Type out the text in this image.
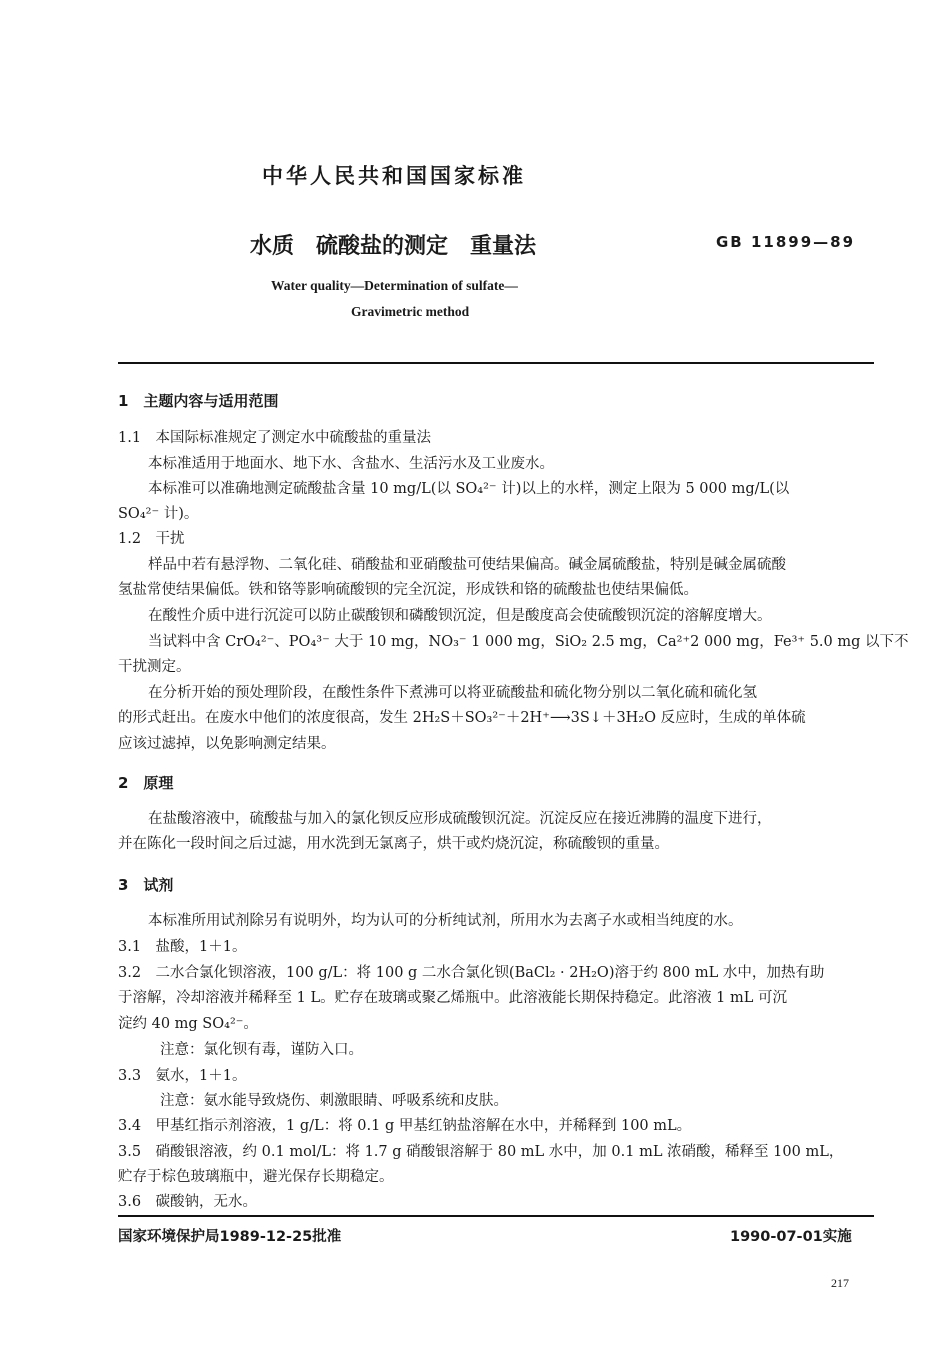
中华人民共和国国家标准
水质　硫酸盐的测定　重量法	GB 11899—89
Water quality—Determination of sulfate—
Gravimetric method
1　主题内容与适用范围
1.1　本国际标准规定了测定水中硫酸盐的重量法
本标准适用于地面水、地下水、含盐水、生活污水及工业废水。
本标准可以准确地测定硫酸盐含量 10 mg/L(以 SO₄²⁻ 计)以上的水样，测定上限为 5 000 mg/L(以
SO₄²⁻ 计)。
1.2　干扰
样品中若有悬浮物、二氧化硅、硝酸盐和亚硝酸盐可使结果偏高。碱金属硫酸盐，特别是碱金属硫酸
氢盐常使结果偏低。铁和铬等影响硫酸钡的完全沉淀，形成铁和铬的硫酸盐也使结果偏低。
在酸性介质中进行沉淀可以防止碳酸钡和磷酸钡沉淀，但是酸度高会使硫酸钡沉淀的溶解度增大。
当试料中含 CrO₄²⁻、PO₄³⁻ 大于 10 mg，NO₃⁻ 1 000 mg，SiO₂ 2.5 mg，Ca²⁺2 000 mg，Fe³⁺ 5.0 mg 以下不
干扰测定。
在分析开始的预处理阶段，在酸性条件下煮沸可以将亚硫酸盐和硫化物分别以二氧化硫和硫化氢
的形式赶出。在废水中他们的浓度很高，发生 2H₂S＋SO₃²⁻＋2H⁺⟶3S↓＋3H₂O 反应时，生成的单体硫
应该过滤掉，以免影响测定结果。
2　原理
在盐酸溶液中，硫酸盐与加入的氯化钡反应形成硫酸钡沉淀。沉淀反应在接近沸腾的温度下进行，
并在陈化一段时间之后过滤，用水洗到无氯离子，烘干或灼烧沉淀，称硫酸钡的重量。
3　试剂
本标准所用试剂除另有说明外，均为认可的分析纯试剂，所用水为去离子水或相当纯度的水。
3.1　盐酸，1＋1。
3.2　二水合氯化钡溶液，100 g/L：将 100 g 二水合氯化钡(BaCl₂ · 2H₂O)溶于约 800 mL 水中，加热有助
于溶解，冷却溶液并稀释至 1 L。贮存在玻璃或聚乙烯瓶中。此溶液能长期保持稳定。此溶液 1 mL 可沉
淀约 40 mg SO₄²⁻。
注意：氯化钡有毒，谨防入口。
3.3　氨水，1＋1。
注意：氨水能导致烧伤、刺激眼睛、呼吸系统和皮肤。
3.4　甲基红指示剂溶液，1 g/L：将 0.1 g 甲基红钠盐溶解在水中，并稀释到 100 mL。
3.5　硝酸银溶液，约 0.1 mol/L：将 1.7 g 硝酸银溶解于 80 mL 水中，加 0.1 mL 浓硝酸，稀释至 100 mL，
贮存于棕色玻璃瓶中，避光保存长期稳定。
3.6　碳酸钠，无水。
国家环境保护局1989-12-25批准	1990-07-01实施
217
